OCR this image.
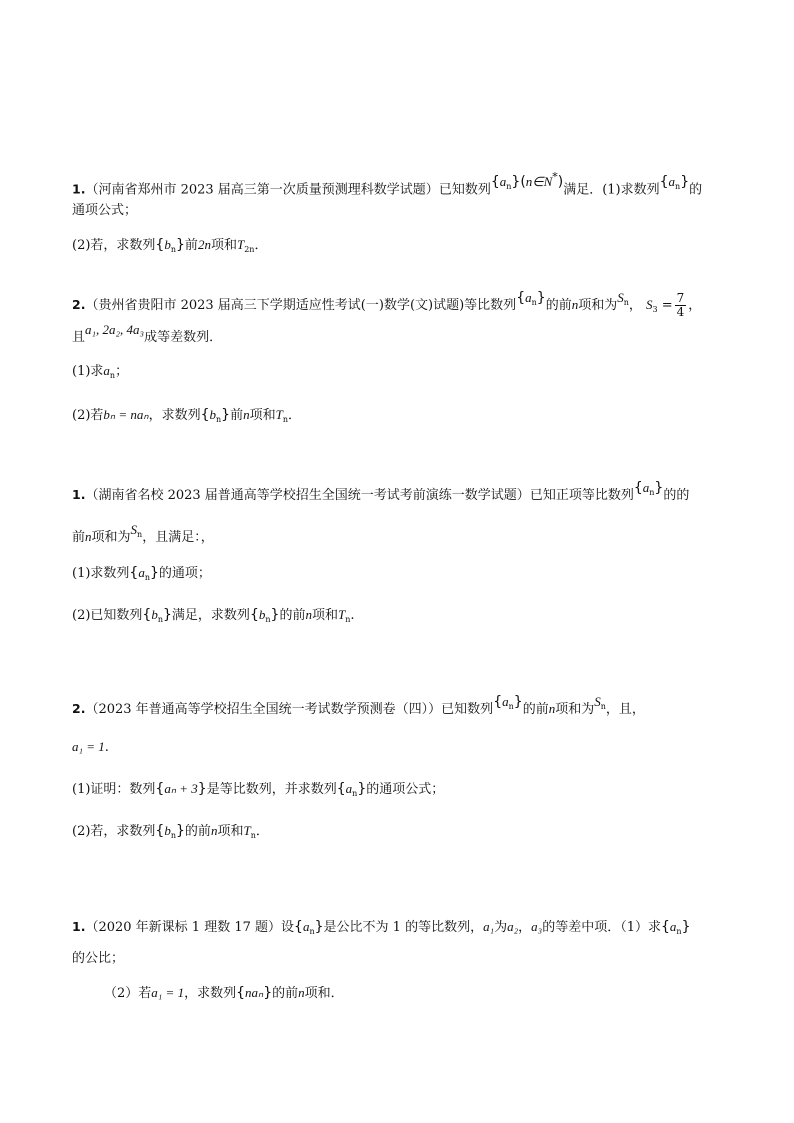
1.（河南省郑州市 2023 届高三第一次质量预测理科数学试题）已知数列$\{a_n\}(n\in N^*)$满足．(1)求数列$\{a_n\}$的
通项公式；
(2)若，求数列$\{b_n\}$前2n项和$T_{2n}$．
2.（贵州省贵阳市 2023 届高三下学期适应性考试(一)数学(文)试题)等比数列$\{a_n\}$的前n项和为$S_n$， $S_3 = \frac{7}{4}$ ，
且a₁, 2a₂, 4a₃成等差数列．
(1)求$a_n$；
(2)若bₙ = naₙ，求数列$\{b_n\}$前n项和$T_n$．
1.（湖南省名校 2023 届普通高等学校招生全国统一考试考前演练一数学试题）已知正项等比数列$\{a_n\}$的的
前n项和为$S_n$，且满足：，
(1)求数列$\{a_n\}$的通项；
(2)已知数列$\{b_n\}$满足，求数列$\{b_n\}$的前n项和$T_n$.
2.（2023 年普通高等学校招生全国统一考试数学预测卷（四））已知数列$\{a_n\}$的前n项和为$S_n$，且，
a₁ = 1.
(1)证明：数列{aₙ + 3}是等比数列，并求数列$\{a_n\}$的通项公式；
(2)若，求数列$\{b_n\}$的前n项和$T_n$．
1.（2020 年新课标 1 理数 17 题）设$\{a_n\}$是公比不为 1 的等比数列，a₁为a₂，a₃的等差中项．（1）求$\{a_n\}$
的公比；
（2）若a₁ = 1，求数列{naₙ}的前n项和．
